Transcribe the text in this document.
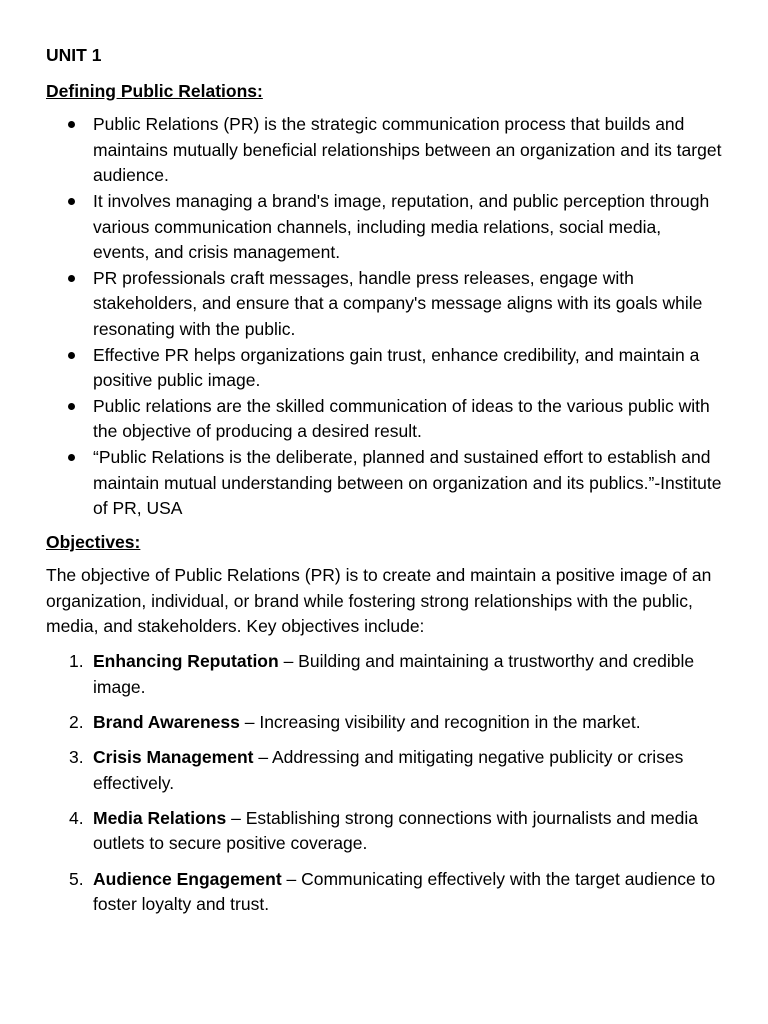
UNIT 1
Defining Public Relations:
Public Relations (PR) is the strategic communication process that builds and maintains mutually beneficial relationships between an organization and its target audience.
It involves managing a brand's image, reputation, and public perception through various communication channels, including media relations, social media, events, and crisis management.
PR professionals craft messages, handle press releases, engage with stakeholders, and ensure that a company's message aligns with its goals while resonating with the public.
Effective PR helps organizations gain trust, enhance credibility, and maintain a positive public image.
Public relations are the skilled communication of ideas to the various public with the objective of producing a desired result.
“Public Relations is the deliberate, planned and sustained effort to establish and maintain mutual understanding between on organization and its publics.”-Institute of PR, USA
Objectives:

The objective of Public Relations (PR) is to create and maintain a positive image of an organization, individual, or brand while fostering strong relationships with the public, media, and stakeholders. Key objectives include:

1. Enhancing Reputation – Building and maintaining a trustworthy and credible image.
2. Brand Awareness – Increasing visibility and recognition in the market.
3. Crisis Management – Addressing and mitigating negative publicity or crises effectively.
4. Media Relations – Establishing strong connections with journalists and media outlets to secure positive coverage.
5. Audience Engagement – Communicating effectively with the target audience to foster loyalty and trust.
